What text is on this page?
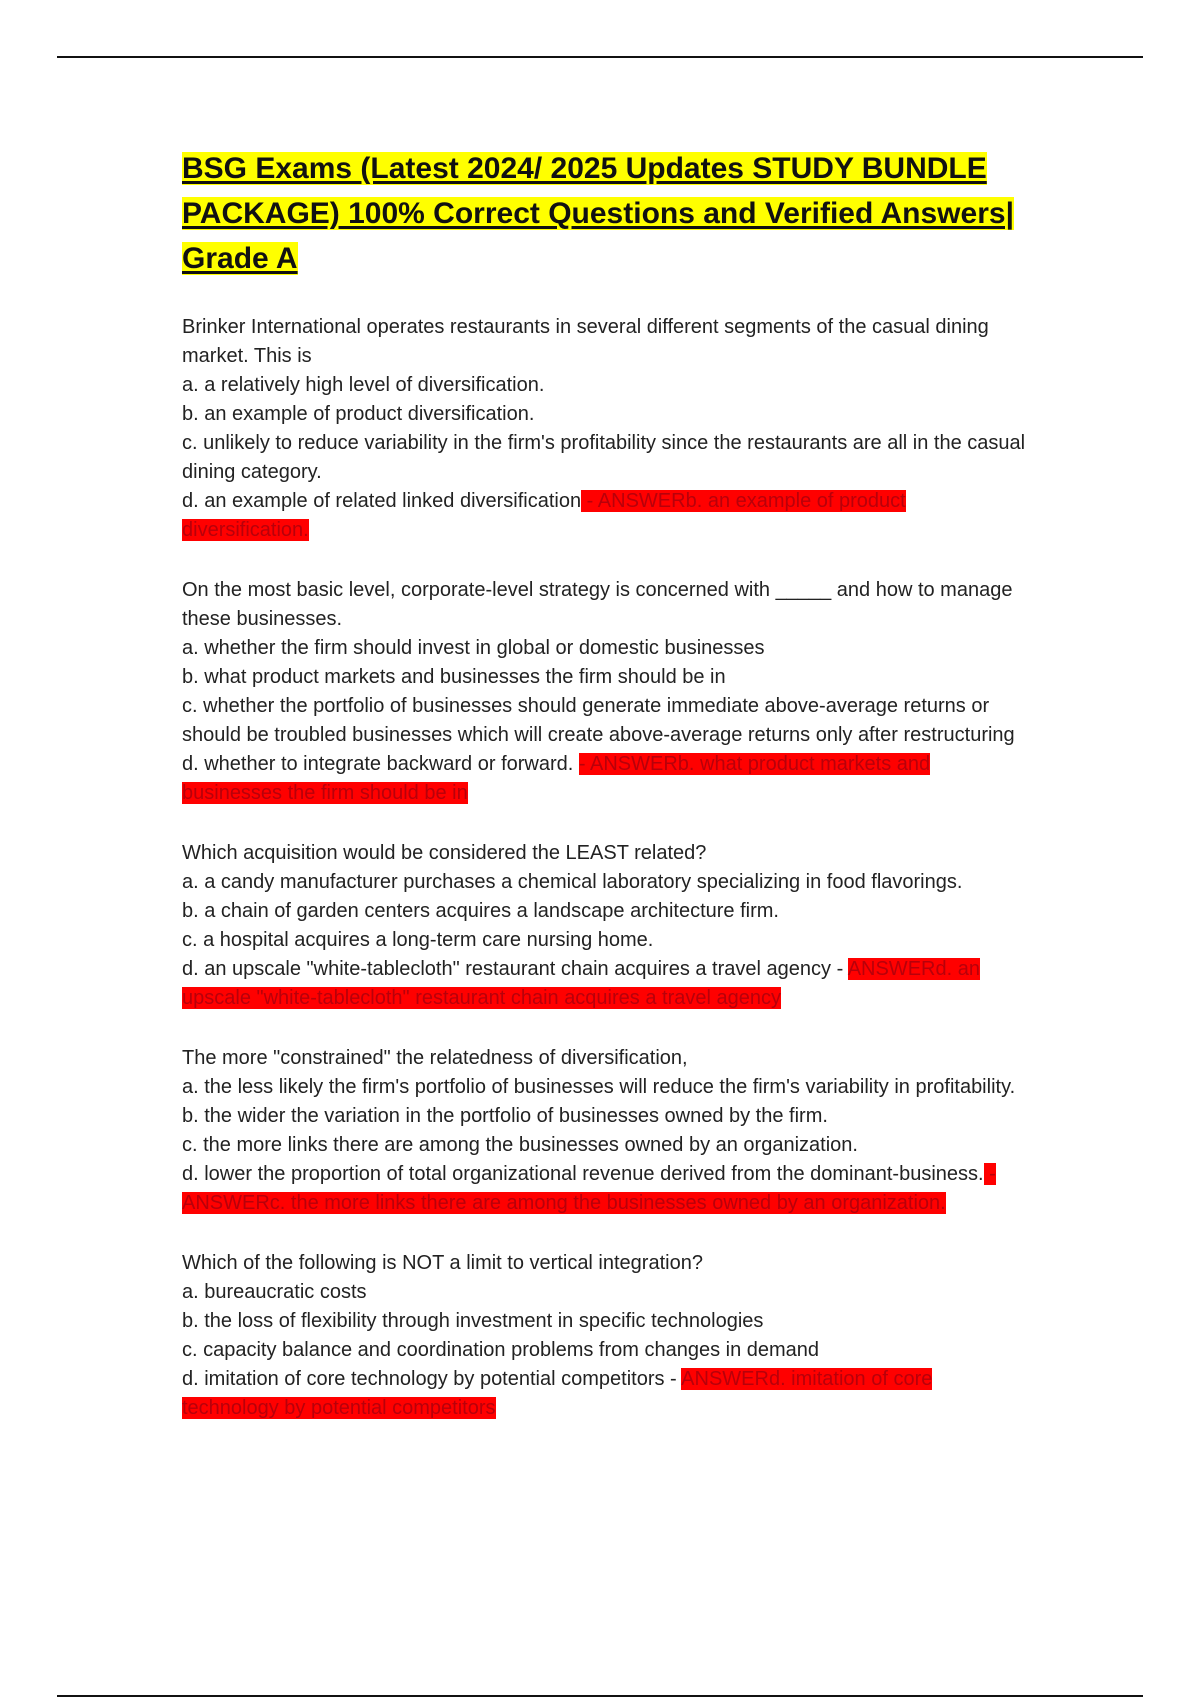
BSG Exams (Latest 2024/ 2025 Updates STUDY BUNDLE PACKAGE) 100% Correct Questions and Verified Answers| Grade A

Brinker International operates restaurants in several different segments of the casual dining market. This is

a. a relatively high level of diversification.

b. an example of product diversification.

c. unlikely to reduce variability in the firm's profitability since the restaurants are all in the casual dining category.

d. an example of related linked diversification - ANSWERb. an example of product diversification.

On the most basic level, corporate-level strategy is concerned with _____ and how to manage these businesses.

a. whether the firm should invest in global or domestic businesses

b. what product markets and businesses the firm should be in

c. whether the portfolio of businesses should generate immediate above-average returns or should be troubled businesses which will create above-average returns only after restructuring

d. whether to integrate backward or forward. - ANSWERb. what product markets and businesses the firm should be in

Which acquisition would be considered the LEAST related?

a. a candy manufacturer purchases a chemical laboratory specializing in food flavorings.

b. a chain of garden centers acquires a landscape architecture firm.

c. a hospital acquires a long-term care nursing home.

d. an upscale "white-tablecloth" restaurant chain acquires a travel agency - ANSWERd. an upscale "white-tablecloth" restaurant chain acquires a travel agency

The more "constrained" the relatedness of diversification,

a. the less likely the firm's portfolio of businesses will reduce the firm's variability in profitability.

b. the wider the variation in the portfolio of businesses owned by the firm.

c. the more links there are among the businesses owned by an organization.

d. lower the proportion of total organizational revenue derived from the dominant-business. - ANSWERc. the more links there are among the businesses owned by an organization.

Which of the following is NOT a limit to vertical integration?

a. bureaucratic costs

b. the loss of flexibility through investment in specific technologies

c. capacity balance and coordination problems from changes in demand

d. imitation of core technology by potential competitors - ANSWERd. imitation of core technology by potential competitors
